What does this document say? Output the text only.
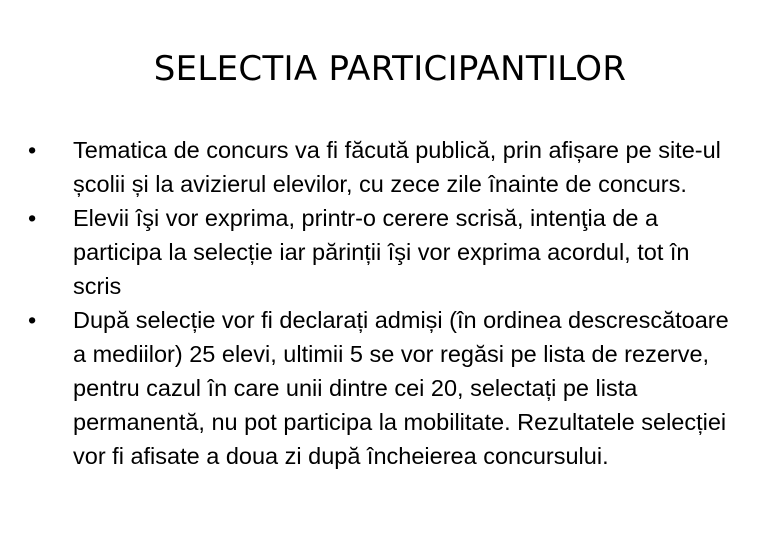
SELECTIA PARTICIPANTILOR
• Tematica de concurs va fi făcută publică, prin afișare pe site-ul școlii și la avizierul elevilor, cu zece zile înainte de concurs.
• Elevii îşi vor exprima, printr-o cerere scrisă, intenţia de a participa la selecție iar părinții îşi vor exprima acordul, tot în scris
• După selecție vor fi declarați admiși (în ordinea descrescătoare a mediilor) 25 elevi, ultimii 5 se vor regăsi pe lista de rezerve, pentru cazul în care unii dintre cei 20, selectați pe lista permanentă, nu pot participa la mobilitate. Rezultatele selecției vor fi afisate a doua zi după încheierea concursului.
